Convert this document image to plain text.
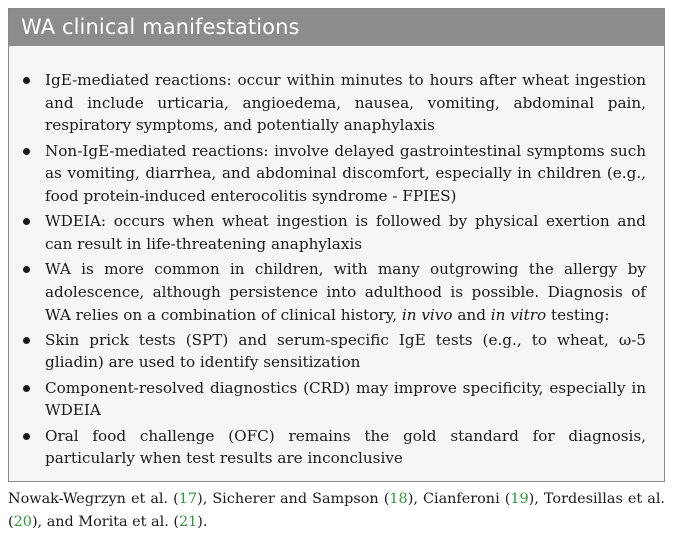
WA clinical manifestations
IgE-mediated reactions: occur within minutes to hours after wheat ingestion and include urticaria, angioedema, nausea, vomiting, abdominal pain, respiratory symptoms, and potentially anaphylaxis
Non-IgE-mediated reactions: involve delayed gastrointestinal symptoms such as vomiting, diarrhea, and abdominal discomfort, especially in children (e.g., food protein-induced enterocolitis syndrome - FPIES)
WDEIA: occurs when wheat ingestion is followed by physical exertion and can result in life-threatening anaphylaxis
WA is more common in children, with many outgrowing the allergy by adolescence, although persistence into adulthood is possible. Diagnosis of WA relies on a combination of clinical history, in vivo and in vitro testing:
Skin prick tests (SPT) and serum-specific IgE tests (e.g., to wheat, ω-5 gliadin) are used to identify sensitization
Component-resolved diagnostics (CRD) may improve specificity, especially in WDEIA
Oral food challenge (OFC) remains the gold standard for diagnosis, particularly when test results are inconclusive
Nowak-Wegrzyn et al. (17), Sicherer and Sampson (18), Cianferoni (19), Tordesillas et al. (20), and Morita et al. (21).
